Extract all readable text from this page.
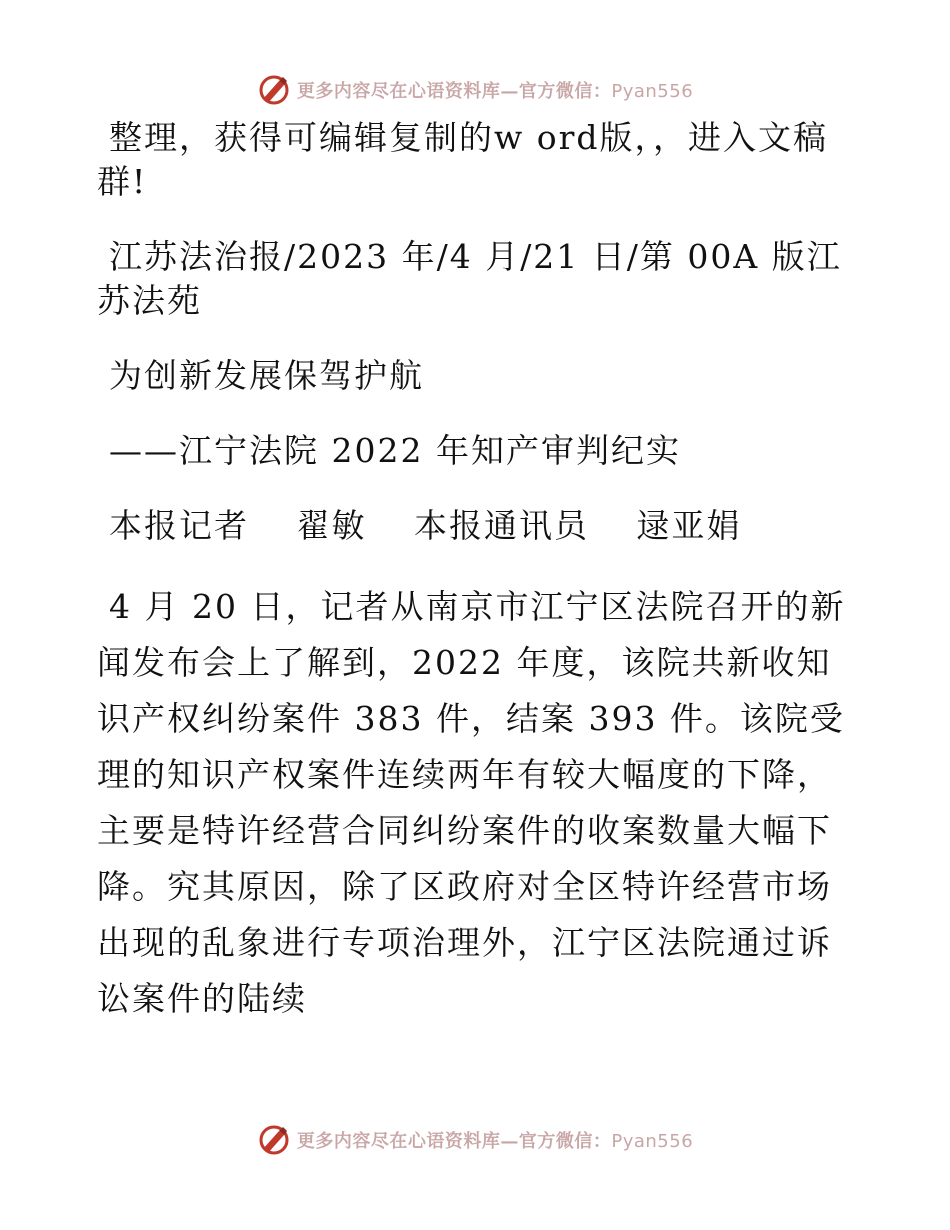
更多内容尽在心语资料库—官方微信：Pyan556

整理，获得可编辑复制的w ord版，，进入文稿群!

江苏法治报/2023 年/4 月/21 日/第 00A 版江苏法苑

为创新发展保驾护航

——江宁法院 2022 年知产审判纪实

本报记者　 翟敏　 本报通讯员　 逯亚娟

4 月 20 日，记者从南京市江宁区法院召开的新闻发布会上了解到，2022 年度，该院共新收知识产权纠纷案件 383 件，结案 393 件。该院受理的知识产权案件连续两年有较大幅度的下降，主要是特许经营合同纠纷案件的收案数量大幅下降。究其原因，除了区政府对全区特许经营市场出现的乱象进行专项治理外，江宁区法院通过诉讼案件的陆续

更多内容尽在心语资料库—官方微信：Pyan556
